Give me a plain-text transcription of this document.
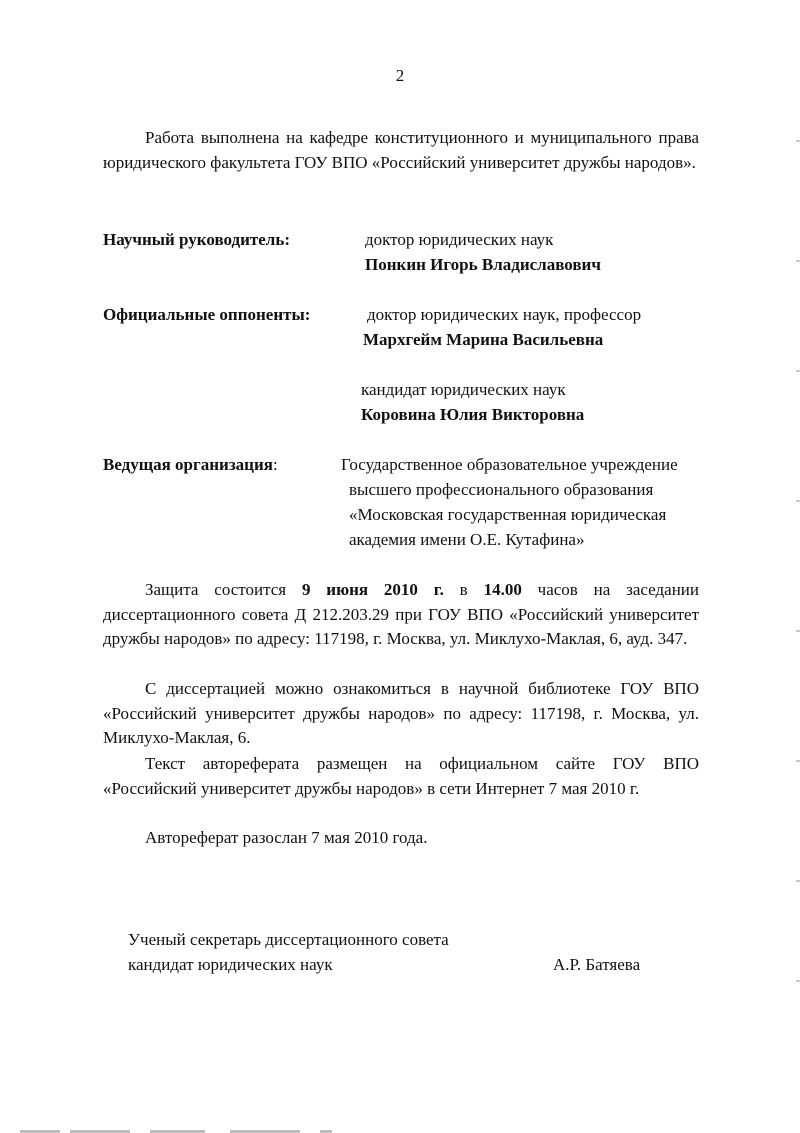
2

Работа выполнена на кафедре конституционного и муниципального права юридического факультета ГОУ ВПО «Российский университет дружбы народов».

Научный руководитель:	доктор юридических наук
Понкин Игорь Владиславович
Официальные оппоненты:	доктор юридических наук, профессор
Мархгейм Марина Васильевна
кандидат юридических наук
Коровина Юлия Викторовна
Ведущая организация:	Государственное образовательное учреждение
высшего профессионального образования
«Московская государственная юридическая
академия имени О.Е. Кутафина»

Защита состоится 9 июня 2010 г. в 14.00 часов на заседании диссертационного совета Д 212.203.29 при ГОУ ВПО «Российский университет дружбы народов» по адресу: 117198, г. Москва, ул. Миклухо-Маклая, 6, ауд. 347.

С диссертацией можно ознакомиться в научной библиотеке ГОУ ВПО «Российский университет дружбы народов» по адресу: 117198, г. Москва, ул. Миклухо-Маклая, 6.

Текст автореферата размещен на официальном сайте ГОУ ВПО «Российский университет дружбы народов» в сети Интернет 7 мая 2010 г.

Автореферат разослан 7 мая 2010 года.
Ученый секретарь диссертационного совета
кандидат юридических наук	А.Р. Батяева
